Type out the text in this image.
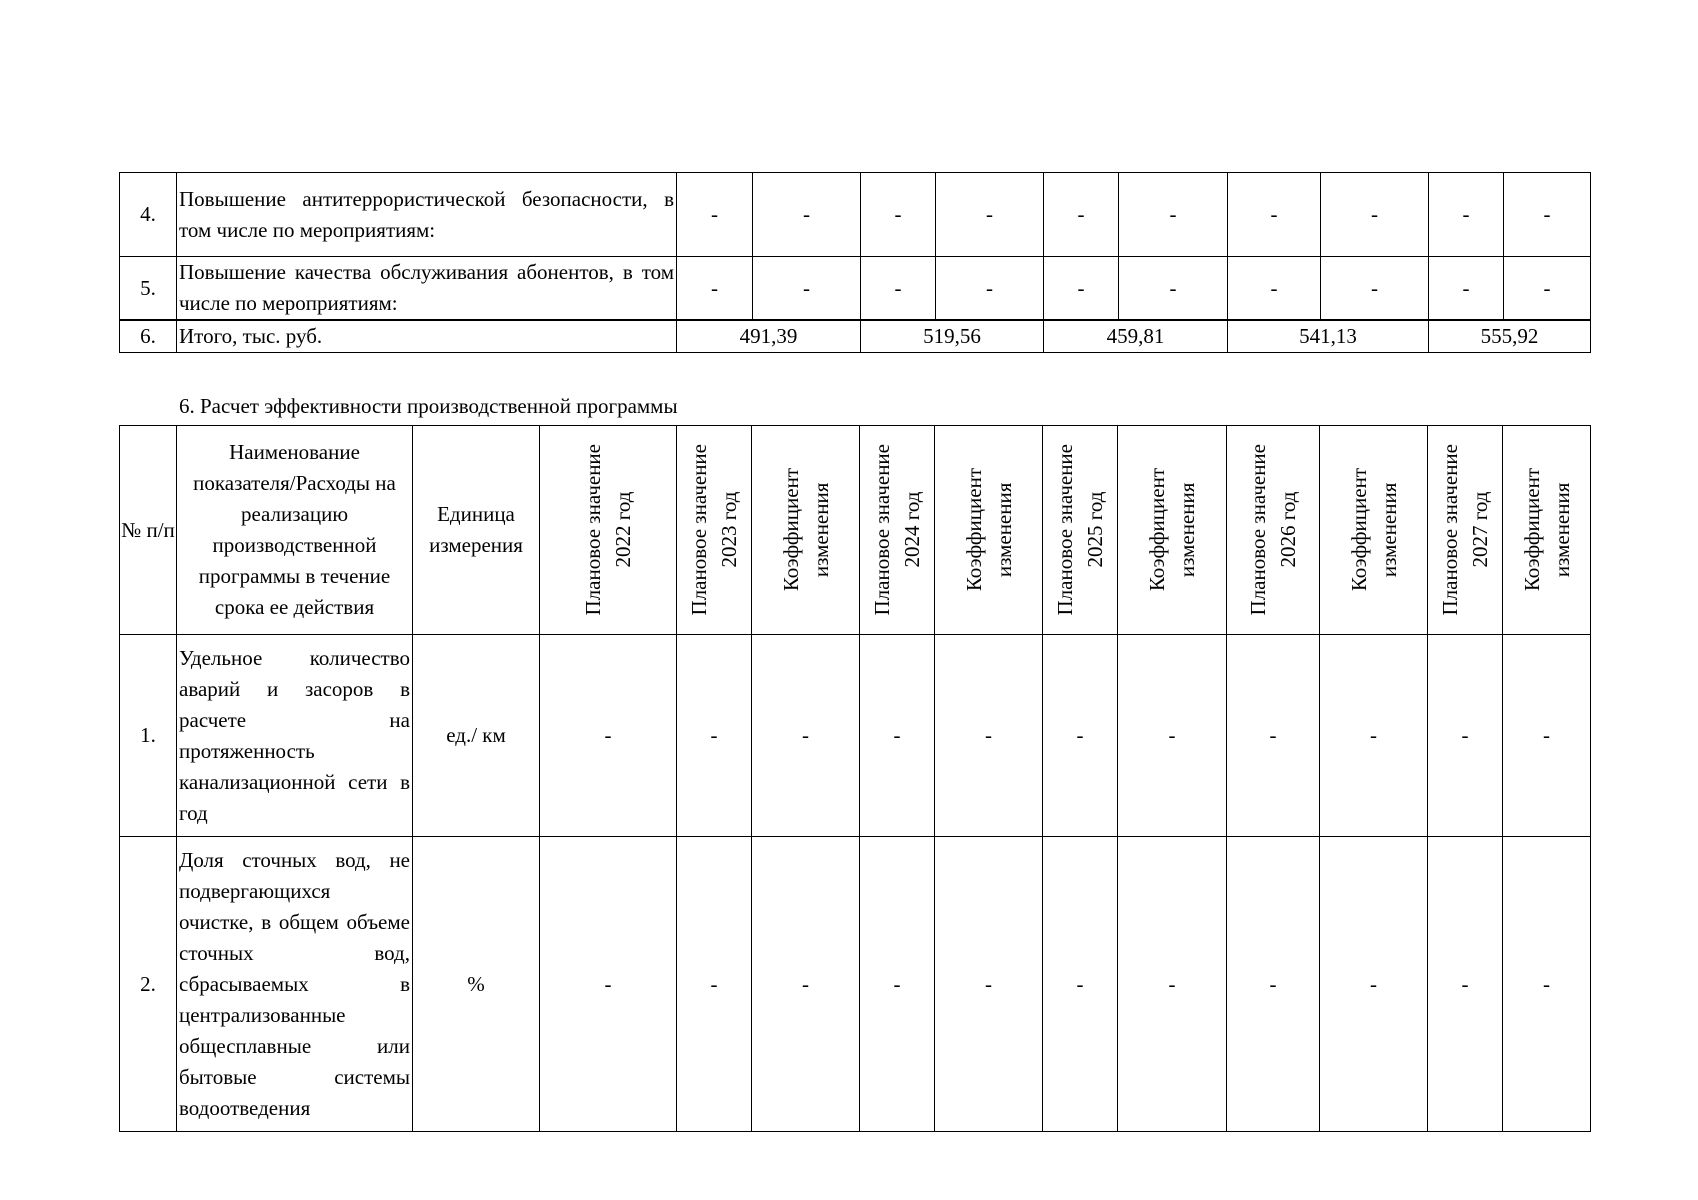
4.	Повышение антитеррористической безопасности, в том числе по мероприятиям:	-	-	-	-	-	-	-	-	-	-
5.	Повышение качества обслуживания абонентов, в том числе по мероприятиям:	-	-	-	-	-	-	-	-	-	-
6.	Итого, тыс. руб.	491,39		519,56		459,81		541,13		555,92	
6. Расчет эффективности производственной программы
№ п/п	Наименование показателя/Расходы на реализацию производственной программы в течение срока ее действия	Единица измерения	Плановое значение 2022 год	Плановое значение 2023 год	Коэффициент изменения	Плановое значение 2024 год	Коэффициент изменения	Плановое значение 2025 год	Коэффициент изменения	Плановое значение 2026 год	Коэффициент изменения	Плановое значение 2027 год	Коэффициент изменения

1.	Удельное количество аварий и засоров в расчете на протяженность канализационной сети в год	ед./ км	-	-	-	-	-	-	-	-	-	-	-
2.	Доля сточных вод, не подвергающихся очистке, в общем объеме сточных вод, сбрасываемых в централизованные общесплавные или бытовые системы водоотведения	%	-	-	-	-	-	-	-	-	-	-	-
